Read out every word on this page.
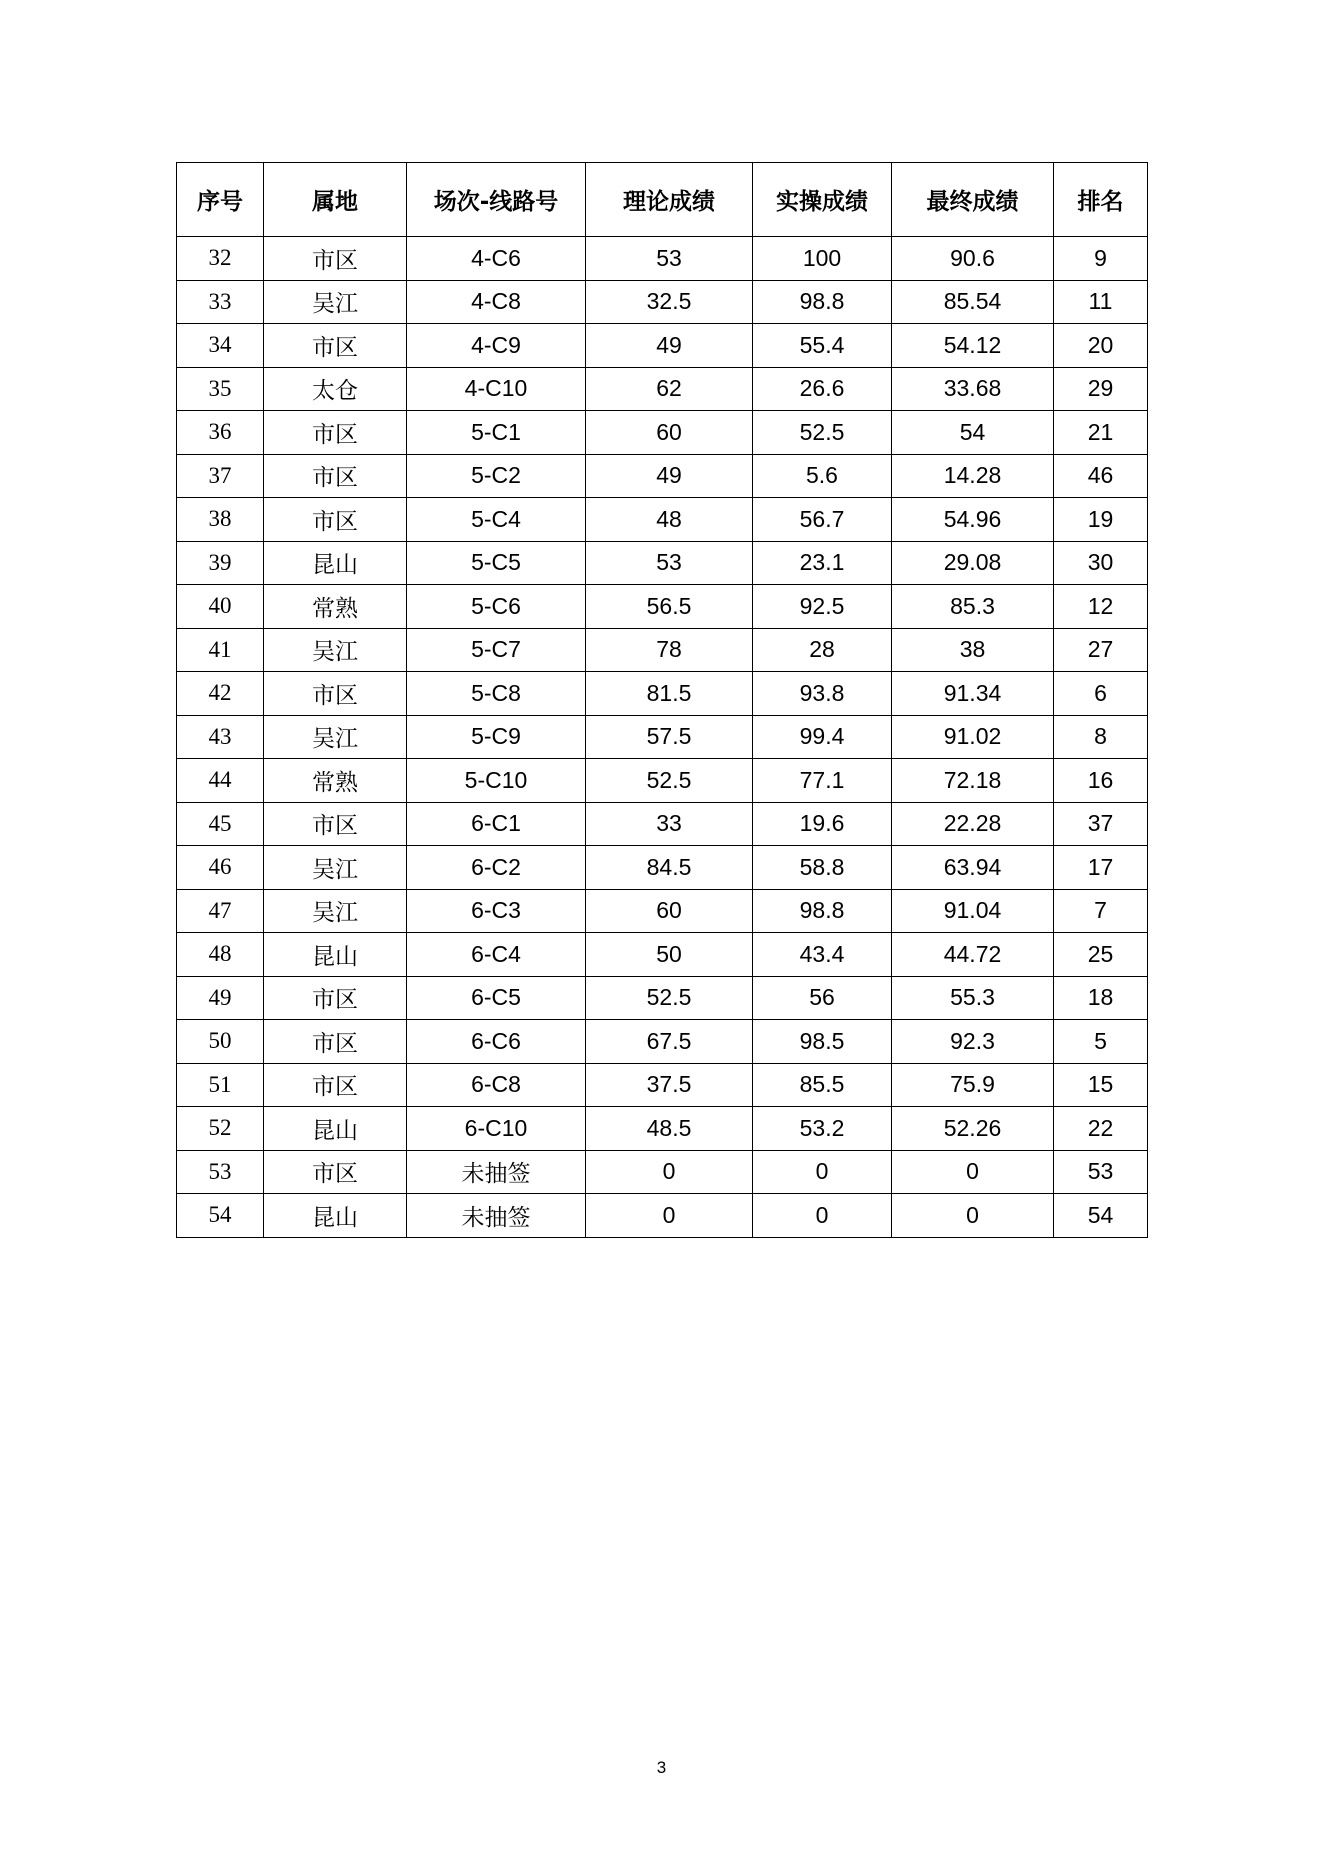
序号	属地	场次-线路号	理论成绩	实操成绩	最终成绩	排名
32	市区	4-C6	53	100	90.6	9
33	吴江	4-C8	32.5	98.8	85.54	11
34	市区	4-C9	49	55.4	54.12	20
35	太仓	4-C10	62	26.6	33.68	29
36	市区	5-C1	60	52.5	54	21
37	市区	5-C2	49	5.6	14.28	46
38	市区	5-C4	48	56.7	54.96	19
39	昆山	5-C5	53	23.1	29.08	30
40	常熟	5-C6	56.5	92.5	85.3	12
41	吴江	5-C7	78	28	38	27
42	市区	5-C8	81.5	93.8	91.34	6
43	吴江	5-C9	57.5	99.4	91.02	8
44	常熟	5-C10	52.5	77.1	72.18	16
45	市区	6-C1	33	19.6	22.28	37
46	吴江	6-C2	84.5	58.8	63.94	17
47	吴江	6-C3	60	98.8	91.04	7
48	昆山	6-C4	50	43.4	44.72	25
49	市区	6-C5	52.5	56	55.3	18
50	市区	6-C6	67.5	98.5	92.3	5
51	市区	6-C8	37.5	85.5	75.9	15
52	昆山	6-C10	48.5	53.2	52.26	22
53	市区	未抽签	0	0	0	53
54	昆山	未抽签	0	0	0	54
3
